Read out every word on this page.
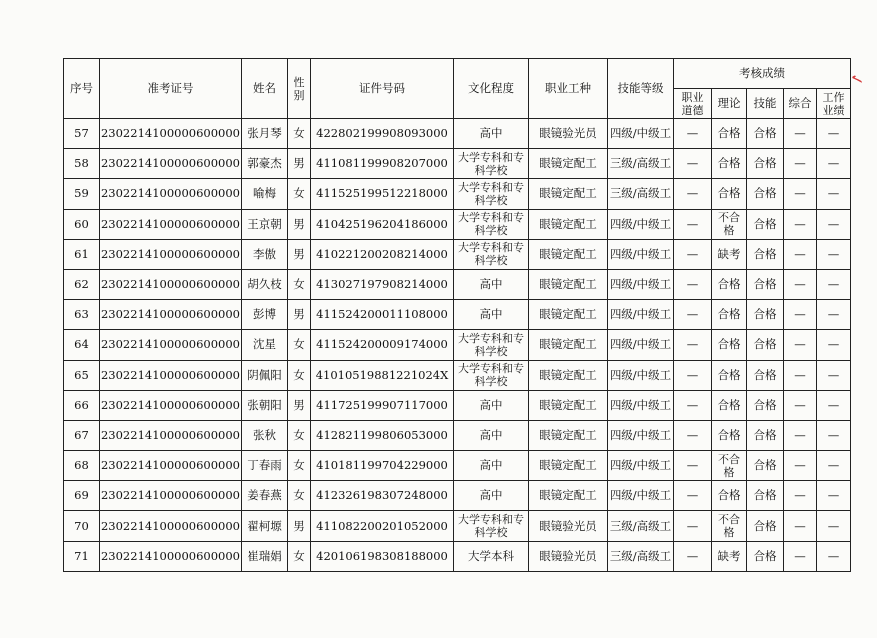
序号	准考证号	姓名	性别	证件号码	文化程度	职业工种	技能等级	考核成绩				
								职业道德	理论	技能	综合	工作业绩
57	2302214100000600000	张月琴	女	422802199908093000	高中	眼镜验光员	四级/中级工	—	合格	合格	—	—
58	2302214100000600000	郭豪杰	男	411081199908207000	大学专科和专科学校	眼镜定配工	三级/高级工	—	合格	合格	—	—
59	2302214100000600000	喻梅	女	411525199512218000	大学专科和专科学校	眼镜定配工	三级/高级工	—	合格	合格	—	—
60	2302214100000600000	王京朝	男	410425196204186000	大学专科和专科学校	眼镜定配工	四级/中级工	—	不合格	合格	—	—
61	2302214100000600000	李傲	男	410221200208214000	大学专科和专科学校	眼镜定配工	四级/中级工	—	缺考	合格	—	—
62	2302214100000600000	胡久枝	女	413027197908214000	高中	眼镜定配工	四级/中级工	—	合格	合格	—	—
63	2302214100000600000	彭博	男	411524200011108000	高中	眼镜定配工	四级/中级工	—	合格	合格	—	—
64	2302214100000600000	沈星	女	411524200009174000	大学专科和专科学校	眼镜定配工	四级/中级工	—	合格	合格	—	—
65	2302214100000600000	阴佩阳	女	41010519881221024X	大学专科和专科学校	眼镜定配工	四级/中级工	—	合格	合格	—	—
66	2302214100000600000	张朝阳	男	411725199907117000	高中	眼镜定配工	四级/中级工	—	合格	合格	—	—
67	2302214100000600000	张秋	女	412821199806053000	高中	眼镜定配工	四级/中级工	—	合格	合格	—	—
68	2302214100000600000	丁春雨	女	410181199704229000	高中	眼镜定配工	四级/中级工	—	不合格	合格	—	—
69	2302214100000600000	姜春燕	女	412326198307248000	高中	眼镜定配工	四级/中级工	—	合格	合格	—	—
70	2302214100000600000	翟柯塬	男	411082200201052000	大学专科和专科学校	眼镜验光员	三级/高级工	—	不合格	合格	—	—
71	2302214100000600000	崔瑞娟	女	420106198308188000	大学本科	眼镜验光员	三级/高级工	—	缺考	合格	—	—
✓
